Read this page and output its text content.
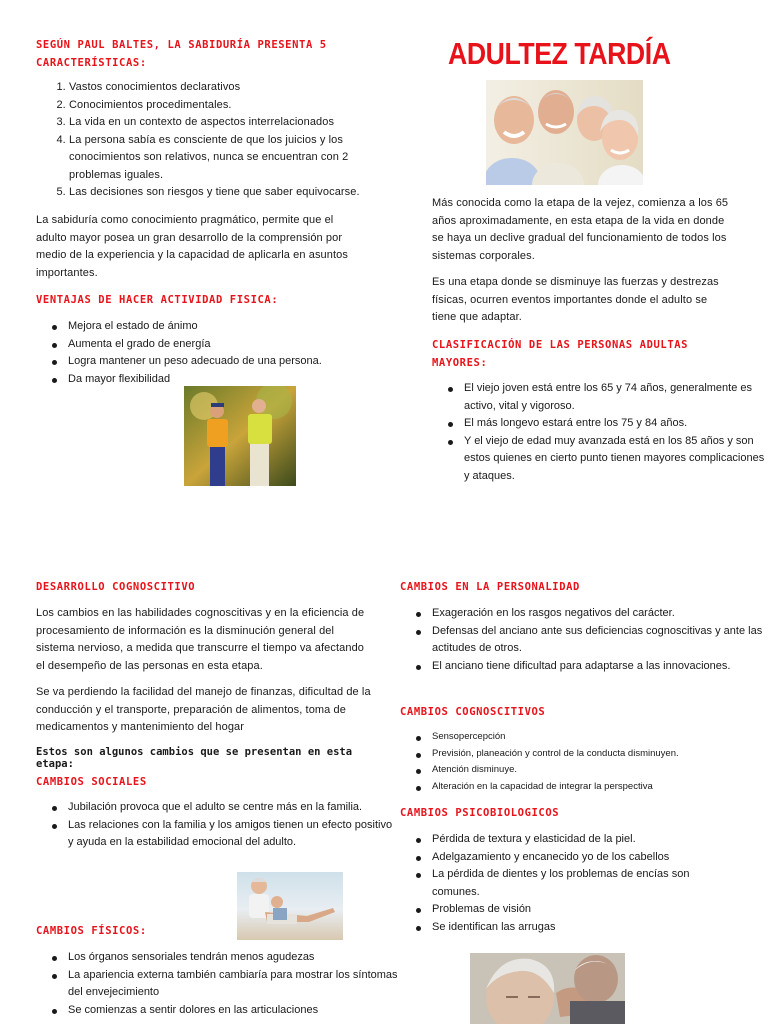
SEGÚN PAUL BALTES, LA SABIDURÍA PRESENTA 5 CARACTERÍSTICAS:
1. Vastos conocimientos declarativos
2. Conocimientos procedimentales.
3. La vida en un contexto de aspectos interrelacionados
4. La persona sabía es consciente de que los juicios y los conocimientos son relativos, nunca se encuentran con 2 problemas iguales.
5. Las decisiones son riesgos y tiene que saber equivocarse.
La sabiduría como conocimiento pragmático, permite que el adulto mayor posea un gran desarrollo de la comprensión por medio de la experiencia y la capacidad de aplicarla en asuntos importantes.
VENTAJAS DE HACER ACTIVIDAD FISICA:
Mejora el estado de ánimo
Aumenta el grado de energía
Logra mantener un peso adecuado de una persona.
Da mayor flexibilidad
ADULTEZ TARDÍA
Más conocida como la etapa de la vejez, comienza a los 65 años aproximadamente, en esta etapa de la vida en donde se haya un declive gradual del funcionamiento de todos los sistemas corporales.
Es una etapa donde se disminuye las fuerzas y destrezas físicas, ocurren eventos importantes donde el adulto se tiene que adaptar.
CLASIFICACIÓN DE LAS PERSONAS ADULTAS MAYORES:
El viejo joven está entre los 65 y 74 años, generalmente es activo, vital y vigoroso.
El más longevo estará entre los 75 y 84 años.
Y el viejo de edad muy avanzada está en los 85 años y son estos quienes en cierto punto tienen mayores complicaciones y ataques.
DESARROLLO COGNOSCITIVO
Los cambios en las habilidades cognoscitivas y en la eficiencia de procesamiento de información es la disminución general del sistema nervioso, a medida que transcurre el tiempo va afectando el desempeño de las personas en esta etapa.
Se va perdiendo la facilidad del manejo de finanzas, dificultad de la conducción y el transporte, preparación de alimentos, toma de medicamentos y mantenimiento del hogar
Estos son algunos cambios que se presentan en esta etapa:
CAMBIOS SOCIALES
Jubilación provoca que el adulto se centre más en la familia.
Las relaciones con la familia y los amigos tienen un efecto positivo y ayuda en la estabilidad emocional del adulto.
CAMBIOS FÍSICOS:
Los órganos sensoriales tendrán menos agudezas
La apariencia externa también cambiaría para mostrar los síntomas del envejecimiento
Se comienzas a sentir dolores en las articulaciones
CAMBIOS EN LA PERSONALIDAD
Exageración en los rasgos negativos del carácter.
Defensas del anciano ante sus deficiencias cognoscitivas y ante las actitudes de otros.
El anciano tiene dificultad para adaptarse a las innovaciones.
CAMBIOS COGNOSCITIVOS
Sensopercepción
Previsión, planeación y control de la conducta disminuyen.
Atención disminuye.
Alteración en la capacidad de integrar la perspectiva
CAMBIOS PSICOBIOLOGICOS
Pérdida de textura y elasticidad de la piel.
Adelgazamiento y encanecido yo de los cabellos
La pérdida de dientes y los problemas de encías son comunes.
Problemas de visión
Se identifican las arrugas
